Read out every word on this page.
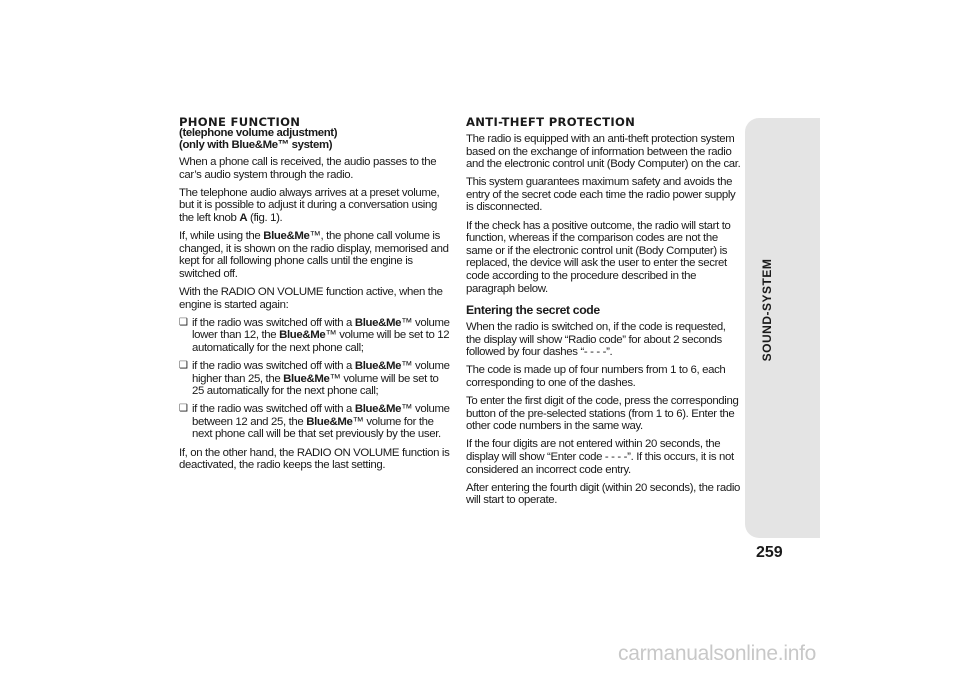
PHONE FUNCTION
(telephone volume adjustment)
(only with Blue&Me™ system)

When a phone call is received, the audio passes to the car’s audio system through the radio.

The telephone audio always arrives at a preset volume, but it is possible to adjust it during a conversation using the left knob A (fig. 1).

If, while using the Blue&Me™, the phone call volume is changed, it is shown on the radio display, memorised and kept for all following phone calls until the engine is switched off.

With the RADIO ON VOLUME function active, when the engine is started again:

❑ if the radio was switched off with a Blue&Me™ volume lower than 12, the Blue&Me™ volume will be set to 12 automatically for the next phone call;
❑ if the radio was switched off with a Blue&Me™ volume higher than 25, the Blue&Me™ volume will be set to 25 automatically for the next phone call;
❑ if the radio was switched off with a Blue&Me™ volume between 12 and 25, the Blue&Me™ volume for the next phone call will be that set previously by the user.

If, on the other hand, the RADIO ON VOLUME function is deactivated, the radio keeps the last setting.

ANTI-THEFT PROTECTION

The radio is equipped with an anti-theft protection system based on the exchange of information between the radio and the electronic control unit (Body Computer) on the car.

This system guarantees maximum safety and avoids the entry of the secret code each time the radio power supply is disconnected.

If the check has a positive outcome, the radio will start to function, whereas if the comparison codes are not the same or if the electronic control unit (Body Computer) is replaced, the device will ask the user to enter the secret code according to the procedure described in the paragraph below.

Entering the secret code

When the radio is switched on, if the code is requested, the display will show “Radio code” for about 2 seconds followed by four dashes “- - - -”.

The code is made up of four numbers from 1 to 6, each corresponding to one of the dashes.

To enter the first digit of the code, press the corresponding button of the pre-selected stations (from 1 to 6). Enter the other code numbers in the same way.

If the four digits are not entered within 20 seconds, the display will show “Enter code - - - -”. If this occurs, it is not considered an incorrect code entry.

After entering the fourth digit (within 20 seconds), the radio will start to operate.

SOUND-SYSTEM
259
carmanualsonline.info
